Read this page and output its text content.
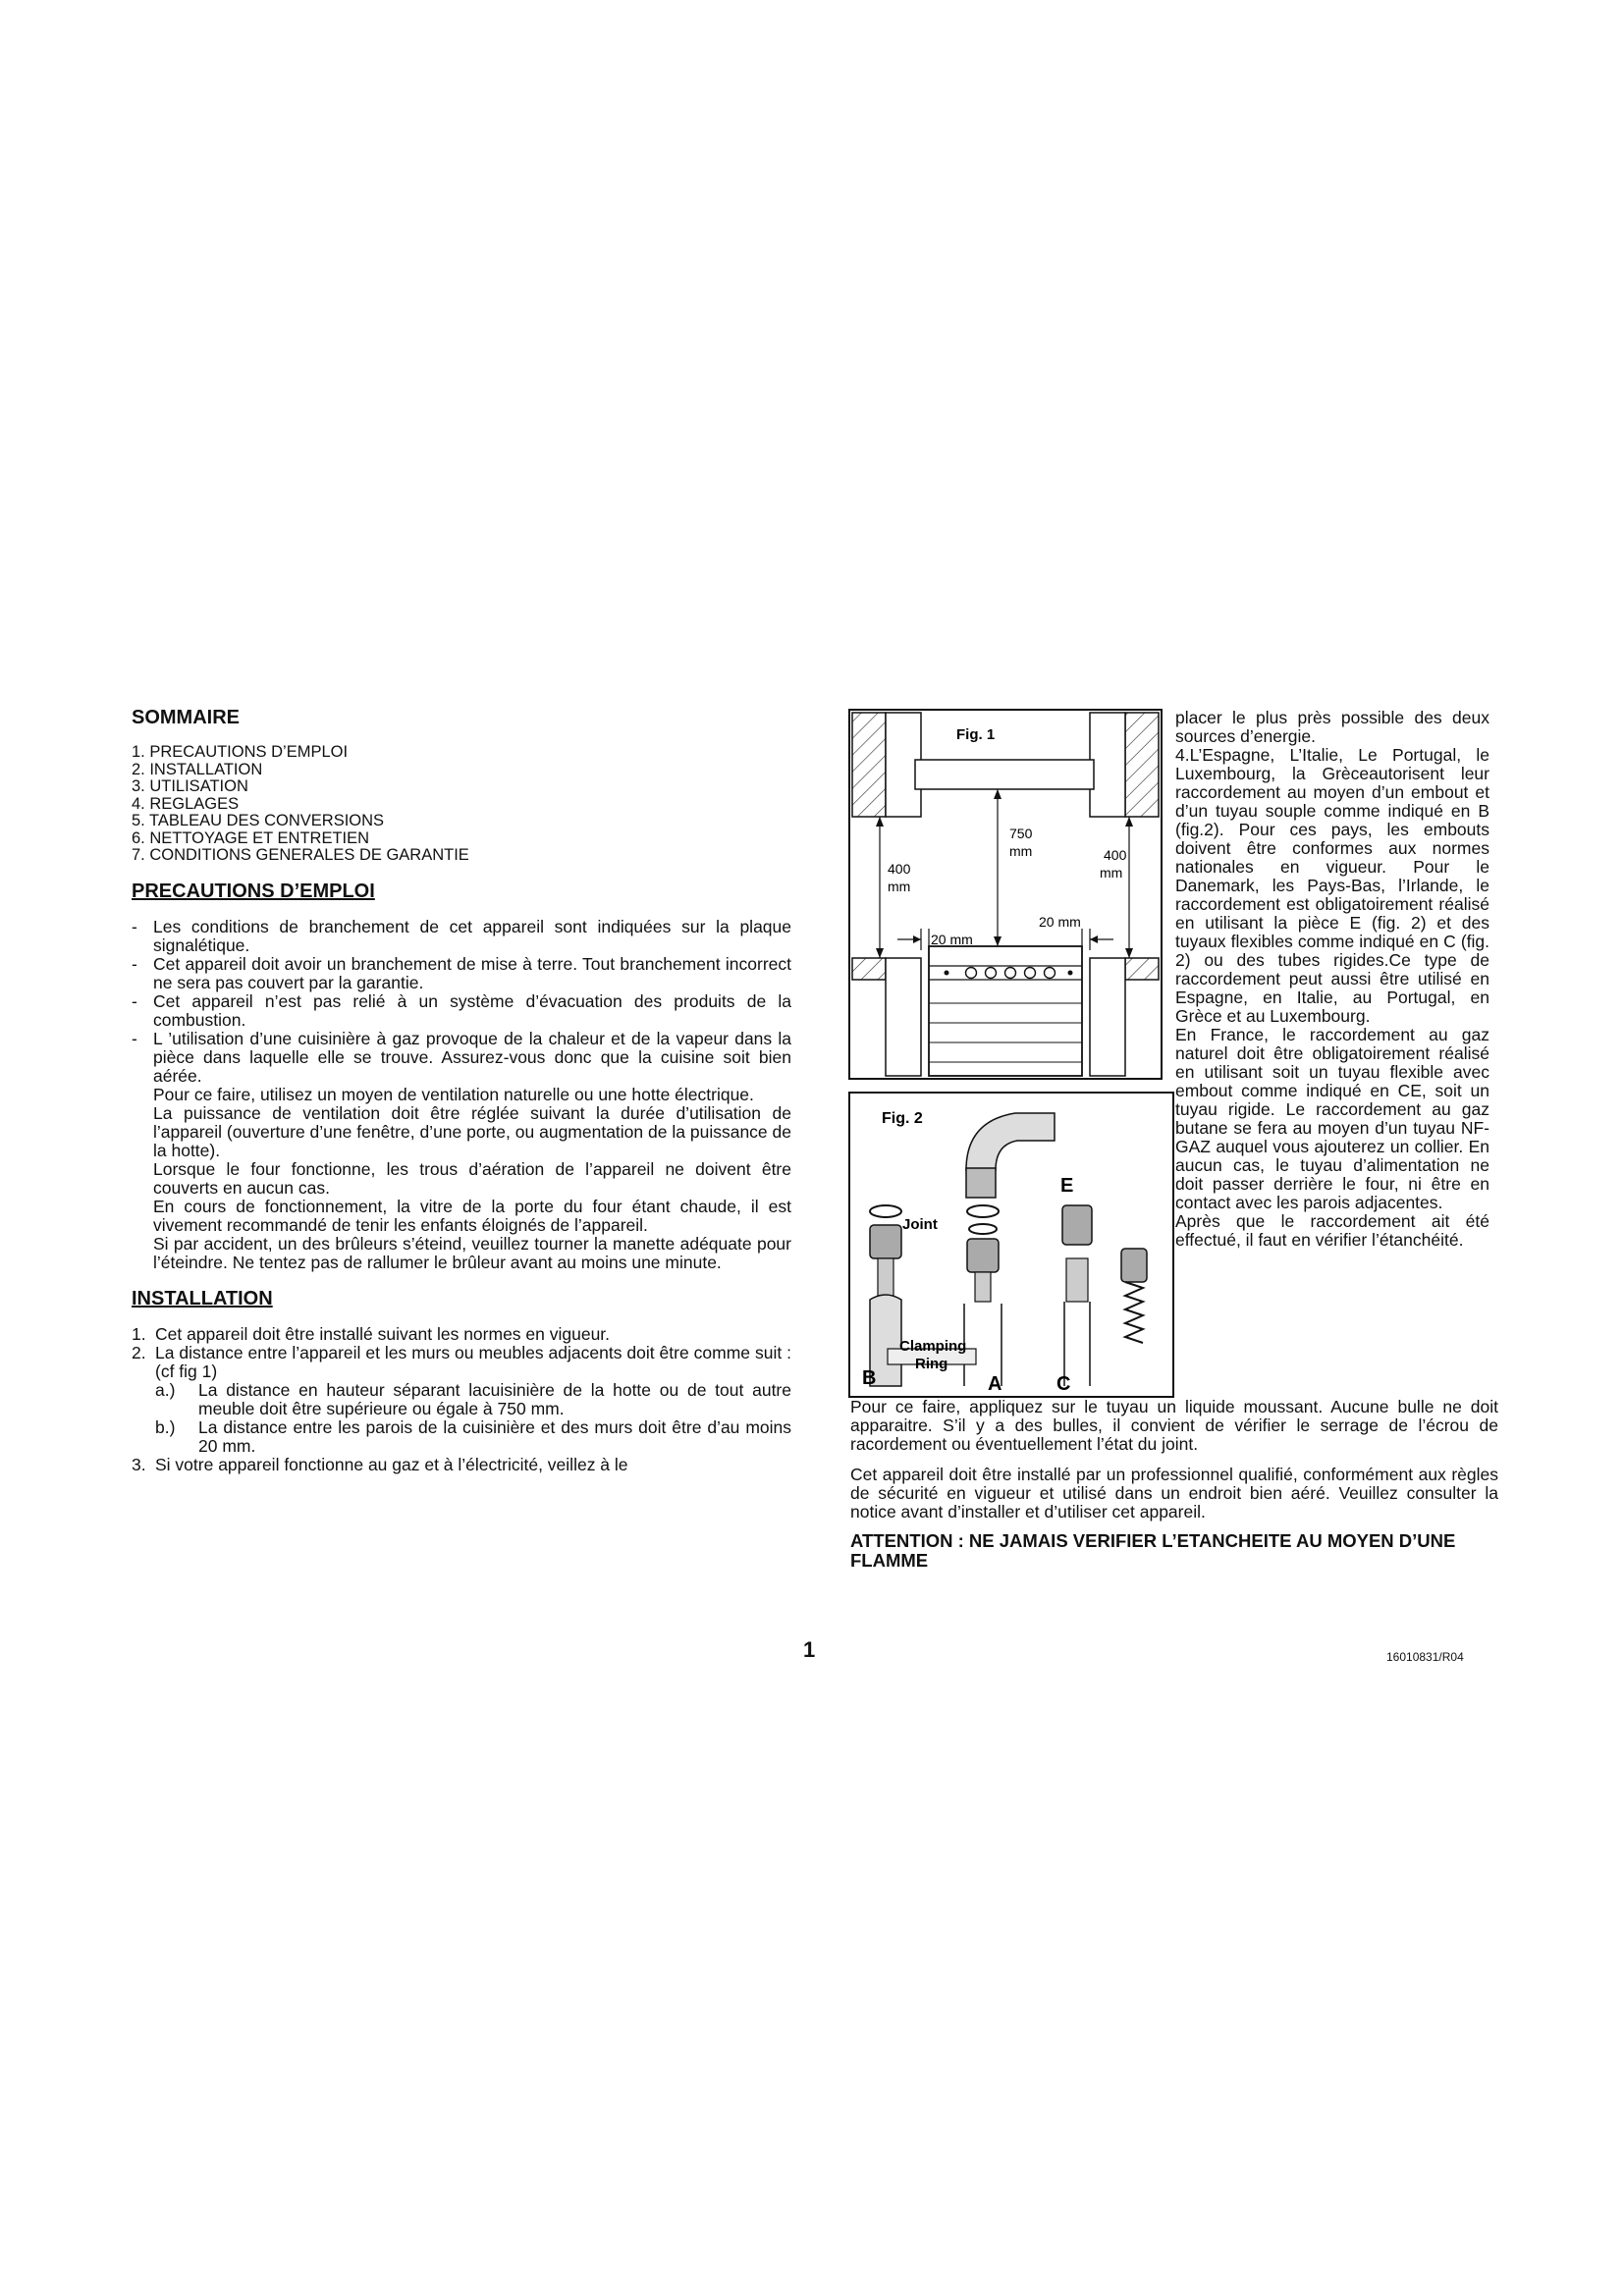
SOMMAIRE
1. PRECAUTIONS D’EMPLOI
2. INSTALLATION
3. UTILISATION
4. REGLAGES
5. TABLEAU DES CONVERSIONS
6. NETTOYAGE ET ENTRETIEN
7. CONDITIONS GENERALES DE GARANTIE
PRECAUTIONS D’EMPLOI
- Les conditions de branchement de cet appareil sont indiquées sur la plaque signalétique.

- Cet appareil doit avoir un branchement de mise à terre. Tout branchement incorrect ne sera pas couvert par la garantie.

- Cet appareil n’est pas relié à un système d’évacuation des produits de la combustion.

- L ’utilisation d’une cuisinière à gaz provoque de la chaleur et de la vapeur dans la pièce dans laquelle elle se trouve. Assurez-vous donc que la cuisine soit bien aérée.

Pour ce faire, utilisez un moyen de ventilation naturelle ou une hotte électrique.

La puissance de ventilation doit être réglée suivant la durée d’utilisation de l’appareil (ouverture d’une fenêtre, d’une porte, ou augmentation de la puissance de la hotte).

Lorsque le four fonctionne, les trous d’aération de l’appareil ne doivent être couverts en aucun cas.

En cours de fonctionnement, la vitre de la porte du four étant chaude, il est vivement recommandé de tenir les enfants éloignés de l’appareil.

Si par accident, un des brûleurs s’éteind, veuillez tourner la manette adéquate pour l’éteindre. Ne tentez pas de rallumer le brûleur avant au moins une minute.

INSTALLATION
1. Cet appareil doit être installé suivant les normes en vigueur.
2. La distance entre l’appareil et les murs ou meubles adjacents doit être comme suit : (cf fig 1)
a.) La distance en hauteur séparant lacuisinière de la hotte ou de tout autre meuble doit être supérieure ou égale à 750 mm.
b.) La distance entre les parois de la cuisinière et des murs doit être d’au moins 20 mm.
3. Si votre appareil fonctionne au gaz et à l’électricité, veillez à le
Fig. 1
750
mm
400
mm
400
mm
20 mm
20 mm
Fig. 2
Joint
E
Clamping
Ring
B	A	C

placer le plus près possible des deux sources d’energie.

4.L’Espagne, L’Italie, Le Portugal, le Luxembourg, la Grèceautorisent leur raccordement au moyen d’un embout et d’un tuyau souple comme indiqué en B (fig.2). Pour ces pays, les embouts doivent être conformes aux normes nationales en vigueur. Pour le Danemark, les Pays-Bas, l’Irlande, le raccordement est obligatoirement réalisé en utilisant la pièce E (fig. 2) et des tuyaux flexibles comme indiqué en C (fig. 2) ou des tubes rigides.Ce type de raccordement peut aussi être utilisé en Espagne, en Italie, au Portugal, en Grèce et au Luxembourg.

En France, le raccordement au gaz naturel doit être obligatoirement réalisé en utilisant soit un tuyau flexible avec embout comme indiqué en CE, soit un tuyau rigide. Le raccordement au gaz butane se fera au moyen d’un tuyau NF-GAZ auquel vous ajouterez un collier. En aucun cas, le tuyau d’alimentation ne doit passer derrière le four, ni être en contact avec les parois adjacentes.

Après que le raccordement ait été effectué, il faut en vérifier l’étanchéité.

Pour ce faire, appliquez sur le tuyau un liquide moussant. Aucune bulle ne doit apparaitre. S’il y a des bulles, il convient de vérifier le serrage de l’écrou de racordement ou éventuellement l’état du joint.

Cet appareil doit être installé par un professionnel qualifié, conformément aux règles de sécurité en vigueur et utilisé dans un endroit bien aéré. Veuillez consulter la notice avant d’installer et d’utiliser cet appareil.

ATTENTION : NE JAMAIS VERIFIER L’ETANCHEITE AU MOYEN D’UNE FLAMME

1	16010831/R04
